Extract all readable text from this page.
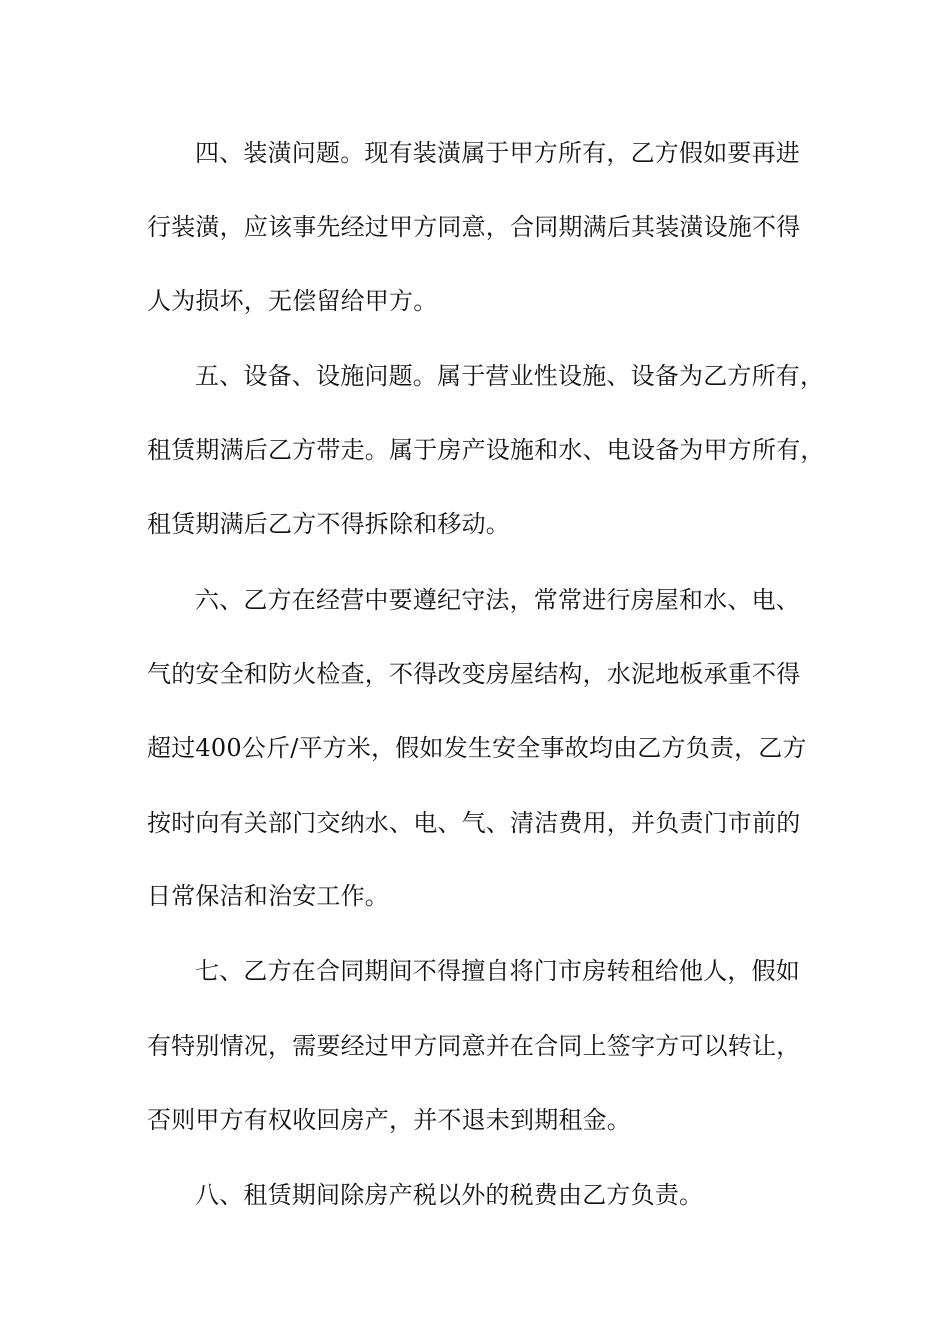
四、装潢问题。现有装潢属于甲方所有，乙方假如要再进
行装潢，应该事先经过甲方同意，合同期满后其装潢设施不得
人为损坏，无偿留给甲方。
五、设备、设施问题。属于营业性设施、设备为乙方所有，
租赁期满后乙方带走。属于房产设施和水、电设备为甲方所有，
租赁期满后乙方不得拆除和移动。
六、乙方在经营中要遵纪守法，常常进行房屋和水、电、
气的安全和防火检查，不得改变房屋结构，水泥地板承重不得
超过400公斤/平方米，假如发生安全事故均由乙方负责，乙方
按时向有关部门交纳水、电、气、清洁费用，并负责门市前的
日常保洁和治安工作。
七、乙方在合同期间不得擅自将门市房转租给他人，假如
有特别情况，需要经过甲方同意并在合同上签字方可以转让，
否则甲方有权收回房产，并不退未到期租金。
八、租赁期间除房产税以外的税费由乙方负责。
